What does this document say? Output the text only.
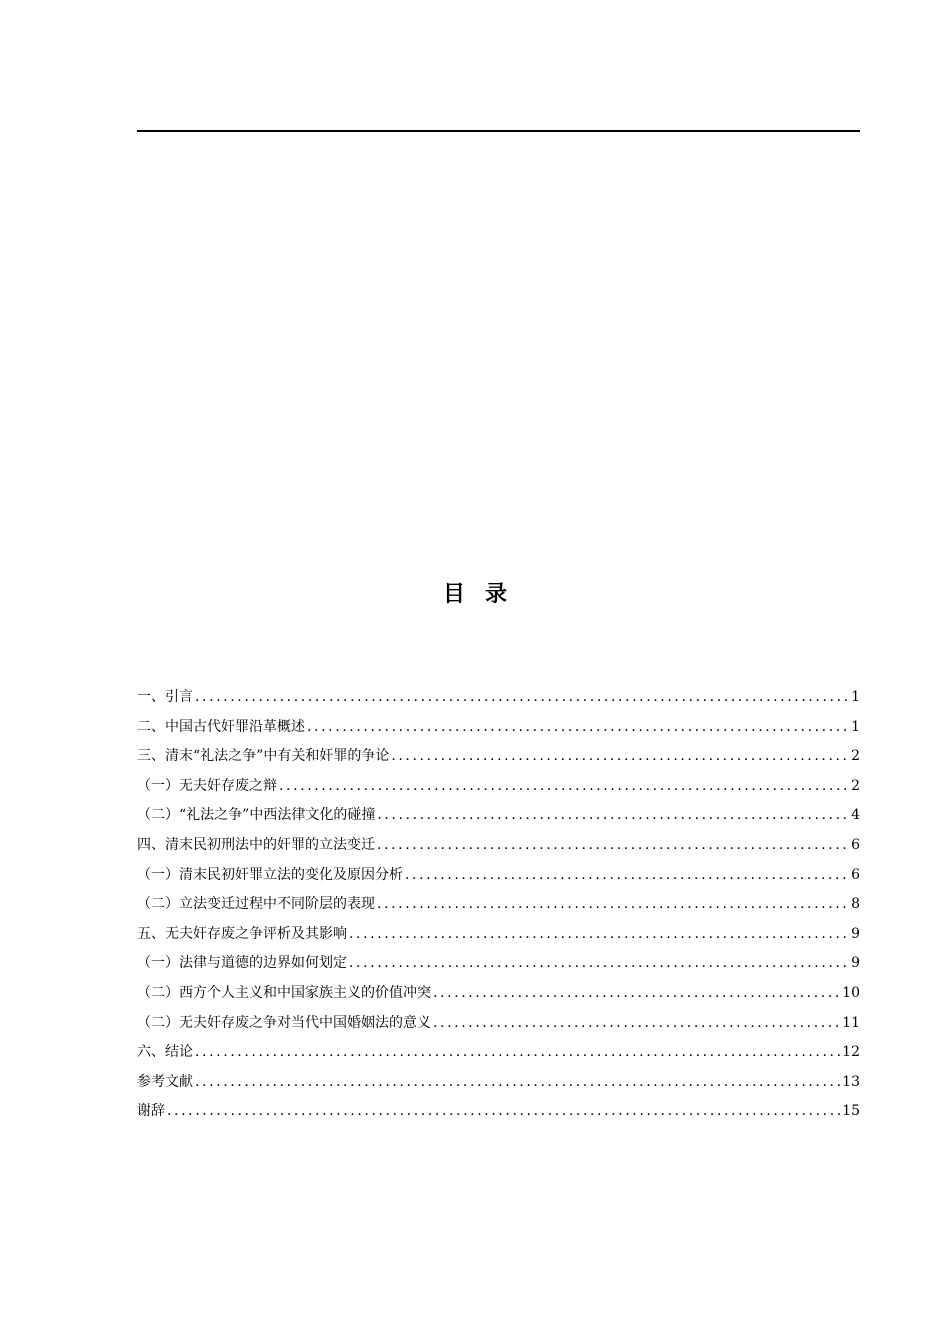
目录
一、引言 .....	1
二、中国古代奸罪沿革概述 .....	1
三、清末“礼法之争”中有关和奸罪的争论 .....	2
（一）无夫奸存废之辩 .....	2
（二）“礼法之争”中西法律文化的碰撞 .....	4
四、清末民初刑法中的奸罪的立法变迁 .....	6
（一）清末民初奸罪立法的变化及原因分析 .....	6
（二）立法变迁过程中不同阶层的表现 .....	8
五、无夫奸存废之争评析及其影响 .....	9
（一）法律与道德的边界如何划定 .....	9
（二）西方个人主义和中国家族主义的价值冲突 .....	10
（二）无夫奸存废之争对当代中国婚姻法的意义 .....	11
六、结论 .....	12
参考文献 .....	13
谢辞 .....	15
